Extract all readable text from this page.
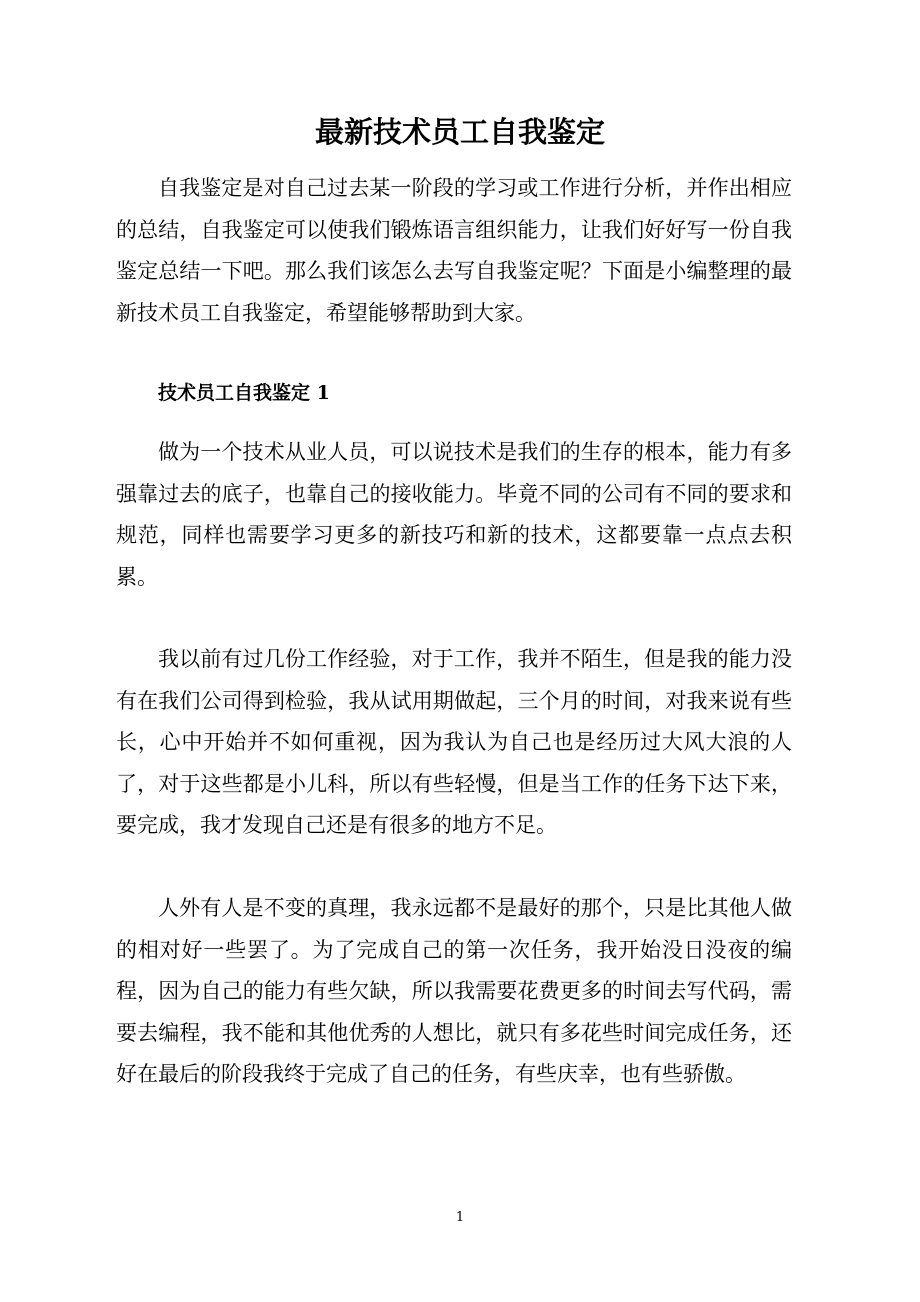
最新技术员工自我鉴定

自我鉴定是对自己过去某一阶段的学习或工作进行分析，并作出相应的总结，自我鉴定可以使我们锻炼语言组织能力，让我们好好写一份自我鉴定总结一下吧。那么我们该怎么去写自我鉴定呢？下面是小编整理的最新技术员工自我鉴定，希望能够帮助到大家。

技术员工自我鉴定 1

做为一个技术从业人员，可以说技术是我们的生存的根本，能力有多强靠过去的底子，也靠自己的接收能力。毕竟不同的公司有不同的要求和规范，同样也需要学习更多的新技巧和新的技术，这都要靠一点点去积累。

我以前有过几份工作经验，对于工作，我并不陌生，但是我的能力没有在我们公司得到检验，我从试用期做起，三个月的时间，对我来说有些长，心中开始并不如何重视，因为我认为自己也是经历过大风大浪的人了，对于这些都是小儿科，所以有些轻慢，但是当工作的任务下达下来，要完成，我才发现自己还是有很多的地方不足。

人外有人是不变的真理，我永远都不是最好的那个，只是比其他人做的相对好一些罢了。为了完成自己的第一次任务，我开始没日没夜的编程，因为自己的能力有些欠缺，所以我需要花费更多的时间去写代码，需要去编程，我不能和其他优秀的人想比，就只有多花些时间完成任务，还好在最后的阶段我终于完成了自己的任务，有些庆幸，也有些骄傲。

1
